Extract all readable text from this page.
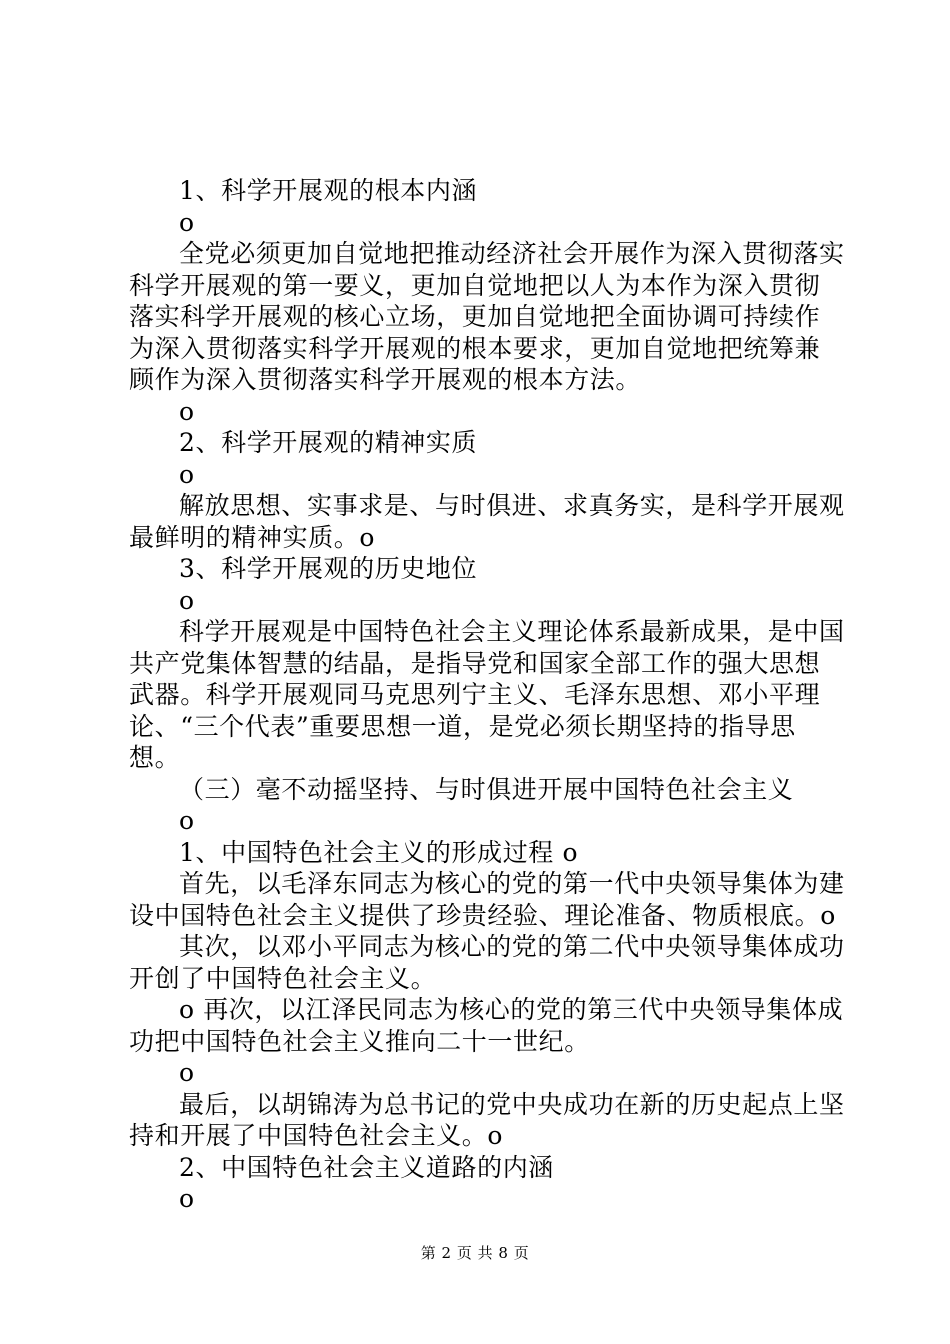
1、科学开展观的根本内涵
o
全党必须更加自觉地把推动经济社会开展作为深入贯彻落实
科学开展观的第一要义，更加自觉地把以人为本作为深入贯彻
落实科学开展观的核心立场，更加自觉地把全面协调可持续作
为深入贯彻落实科学开展观的根本要求，更加自觉地把统筹兼
顾作为深入贯彻落实科学开展观的根本方法。
o
2、科学开展观的精神实质
o
解放思想、实事求是、与时俱进、求真务实，是科学开展观
最鲜明的精神实质。o
3、科学开展观的历史地位
o
科学开展观是中国特色社会主义理论体系最新成果，是中国
共产党集体智慧的结晶，是指导党和国家全部工作的强大思想
武器。科学开展观同马克思列宁主义、毛泽东思想、邓小平理
论、“三个代表”重要思想一道，是党必须长期坚持的指导思
想。
（三）毫不动摇坚持、与时俱进开展中国特色社会主义
o
1、中国特色社会主义的形成过程 o
首先，以毛泽东同志为核心的党的第一代中央领导集体为建
设中国特色社会主义提供了珍贵经验、理论准备、物质根底。o
其次，以邓小平同志为核心的党的第二代中央领导集体成功
开创了中国特色社会主义。
o 再次，以江泽民同志为核心的党的第三代中央领导集体成
功把中国特色社会主义推向二十一世纪。
o
最后，以胡锦涛为总书记的党中央成功在新的历史起点上坚
持和开展了中国特色社会主义。o
2、中国特色社会主义道路的内涵
o
第 2 页 共 8 页
